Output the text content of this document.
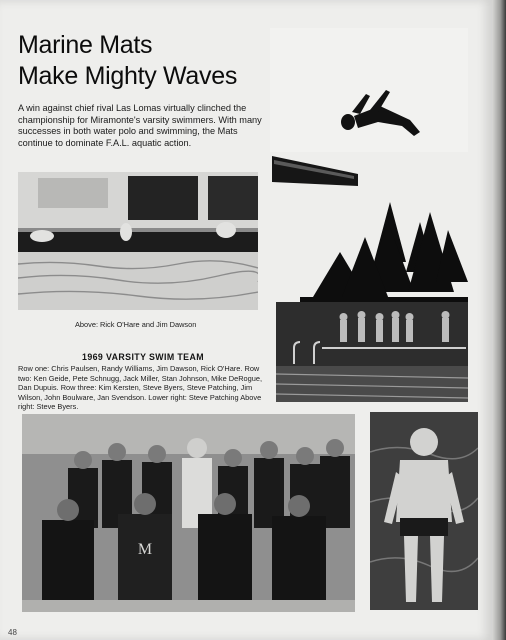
Marine Mats
Make Mighty Waves

A win against chief rival Las Lomas virtually clinched the championship for Miramonte's varsity swimmers. With many successes in both water polo and swimming, the Mats continue to dominate F.A.L. aquatic action.

Above: Rick O'Hare and Jim Dawson

1969 VARSITY SWIM TEAM

Row one: Chris Paulsen, Randy Williams, Jim Dawson, Rick O'Hare. Row two: Ken Geide, Pete Schnugg, Jack Miller, Stan Johnson, Mike DeRogue, Dan Dupuis. Row three: Kim Kersten, Steve Byers, Steve Patching, Jim Wilson, John Boulware, Jan Svendson. Lower right: Steve Patching Above right: Steve Byers.

M
48
